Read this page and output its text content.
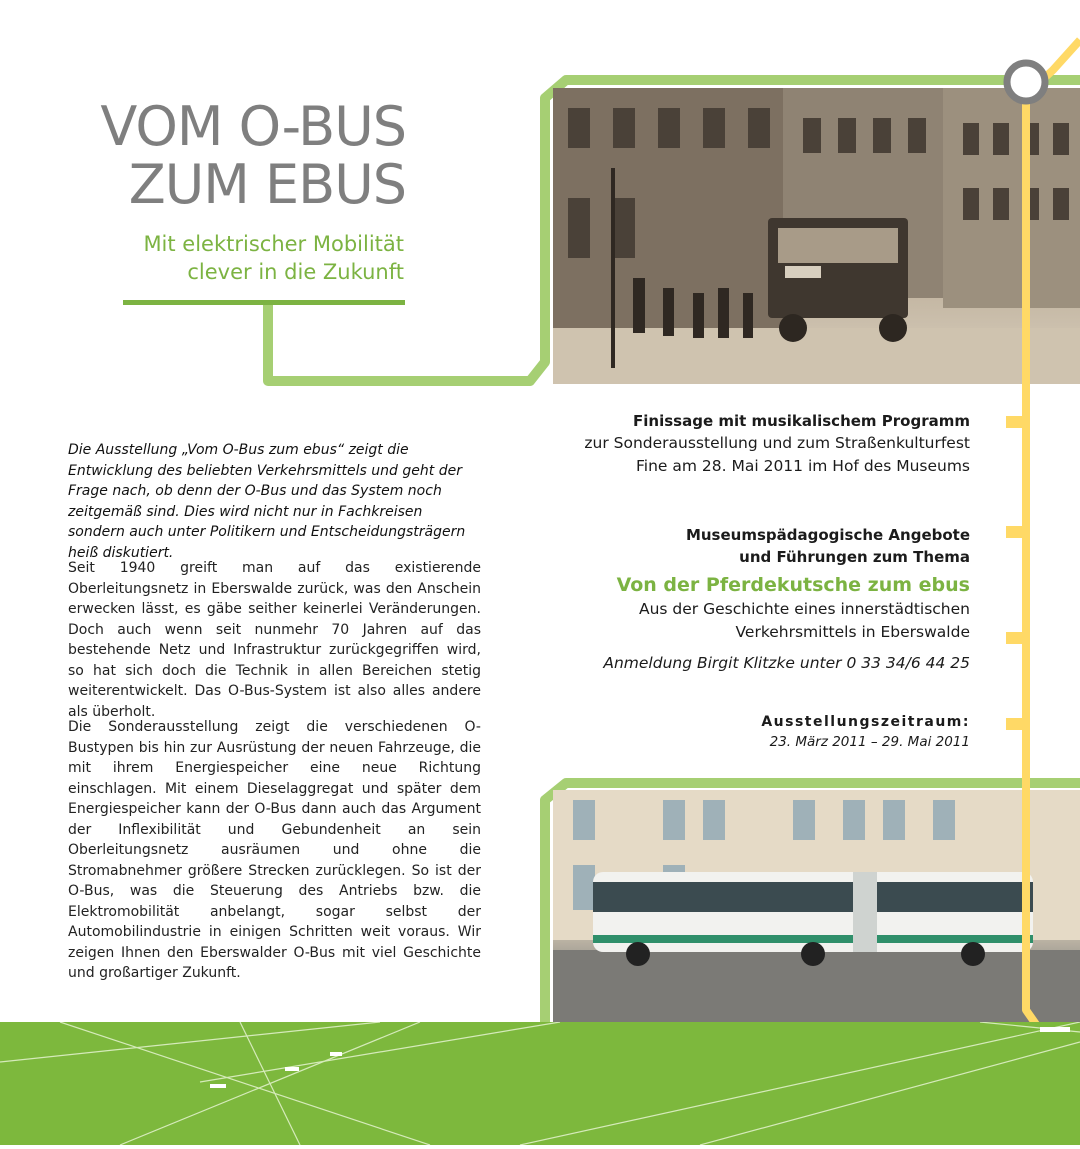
VOM O-BUS
ZUM EBUS
Mit elektrischer Mobilität
clever in die Zukunft
Die Ausstellung „Vom O-Bus zum ebus“ zeigt die Entwicklung des beliebten Verkehrsmittels und geht der Frage nach, ob denn der O-Bus und das System noch zeitgemäß sind. Dies wird nicht nur in Fachkreisen sondern auch unter Politikern und Entscheidungsträgern heiß diskutiert.
Seit 1940 greift man auf das existierende Oberleitungsnetz in Eberswalde zurück, was den Anschein erwecken lässt, es gäbe seither keinerlei Veränderungen. Doch auch wenn seit nunmehr 70 Jahren auf das bestehende Netz und Infrastruktur zurückgegriffen wird, so hat sich doch die Technik in allen Bereichen stetig weiterentwickelt. Das O-Bus-System ist also alles andere als überholt.
Die Sonderausstellung zeigt die verschiedenen O-Bustypen bis hin zur Ausrüstung der neuen Fahrzeuge, die mit ihrem Energiespeicher eine neue Richtung einschlagen. Mit einem Dieselaggregat und später dem Energiespeicher kann der O-Bus dann auch das Argument der Inflexibilität und Gebundenheit an sein Oberleitungsnetz ausräumen und ohne die Stromabnehmer größere Strecken zurücklegen. So ist der O-Bus, was die Steuerung des Antriebs bzw. die Elektromobilität anbelangt, sogar selbst der Automobilindustrie in einigen Schritten weit voraus. Wir zeigen Ihnen den Eberswalder O-Bus mit viel Geschichte und großartiger Zukunft.
Finissage mit musikalischem Programm
zur Sonderausstellung und zum Straßenkulturfest
Fine am 28. Mai 2011 im Hof des Museums
Museumspädagogische Angebote
und Führungen zum Thema
Von der Pferdekutsche zum ebus
Aus der Geschichte eines innerstädtischen
Verkehrsmittels in Eberswalde
Anmeldung Birgit Klitzke unter 0 33 34/6 44 25
Ausstellungszeitraum:
23. März 2011 – 29. Mai 2011
